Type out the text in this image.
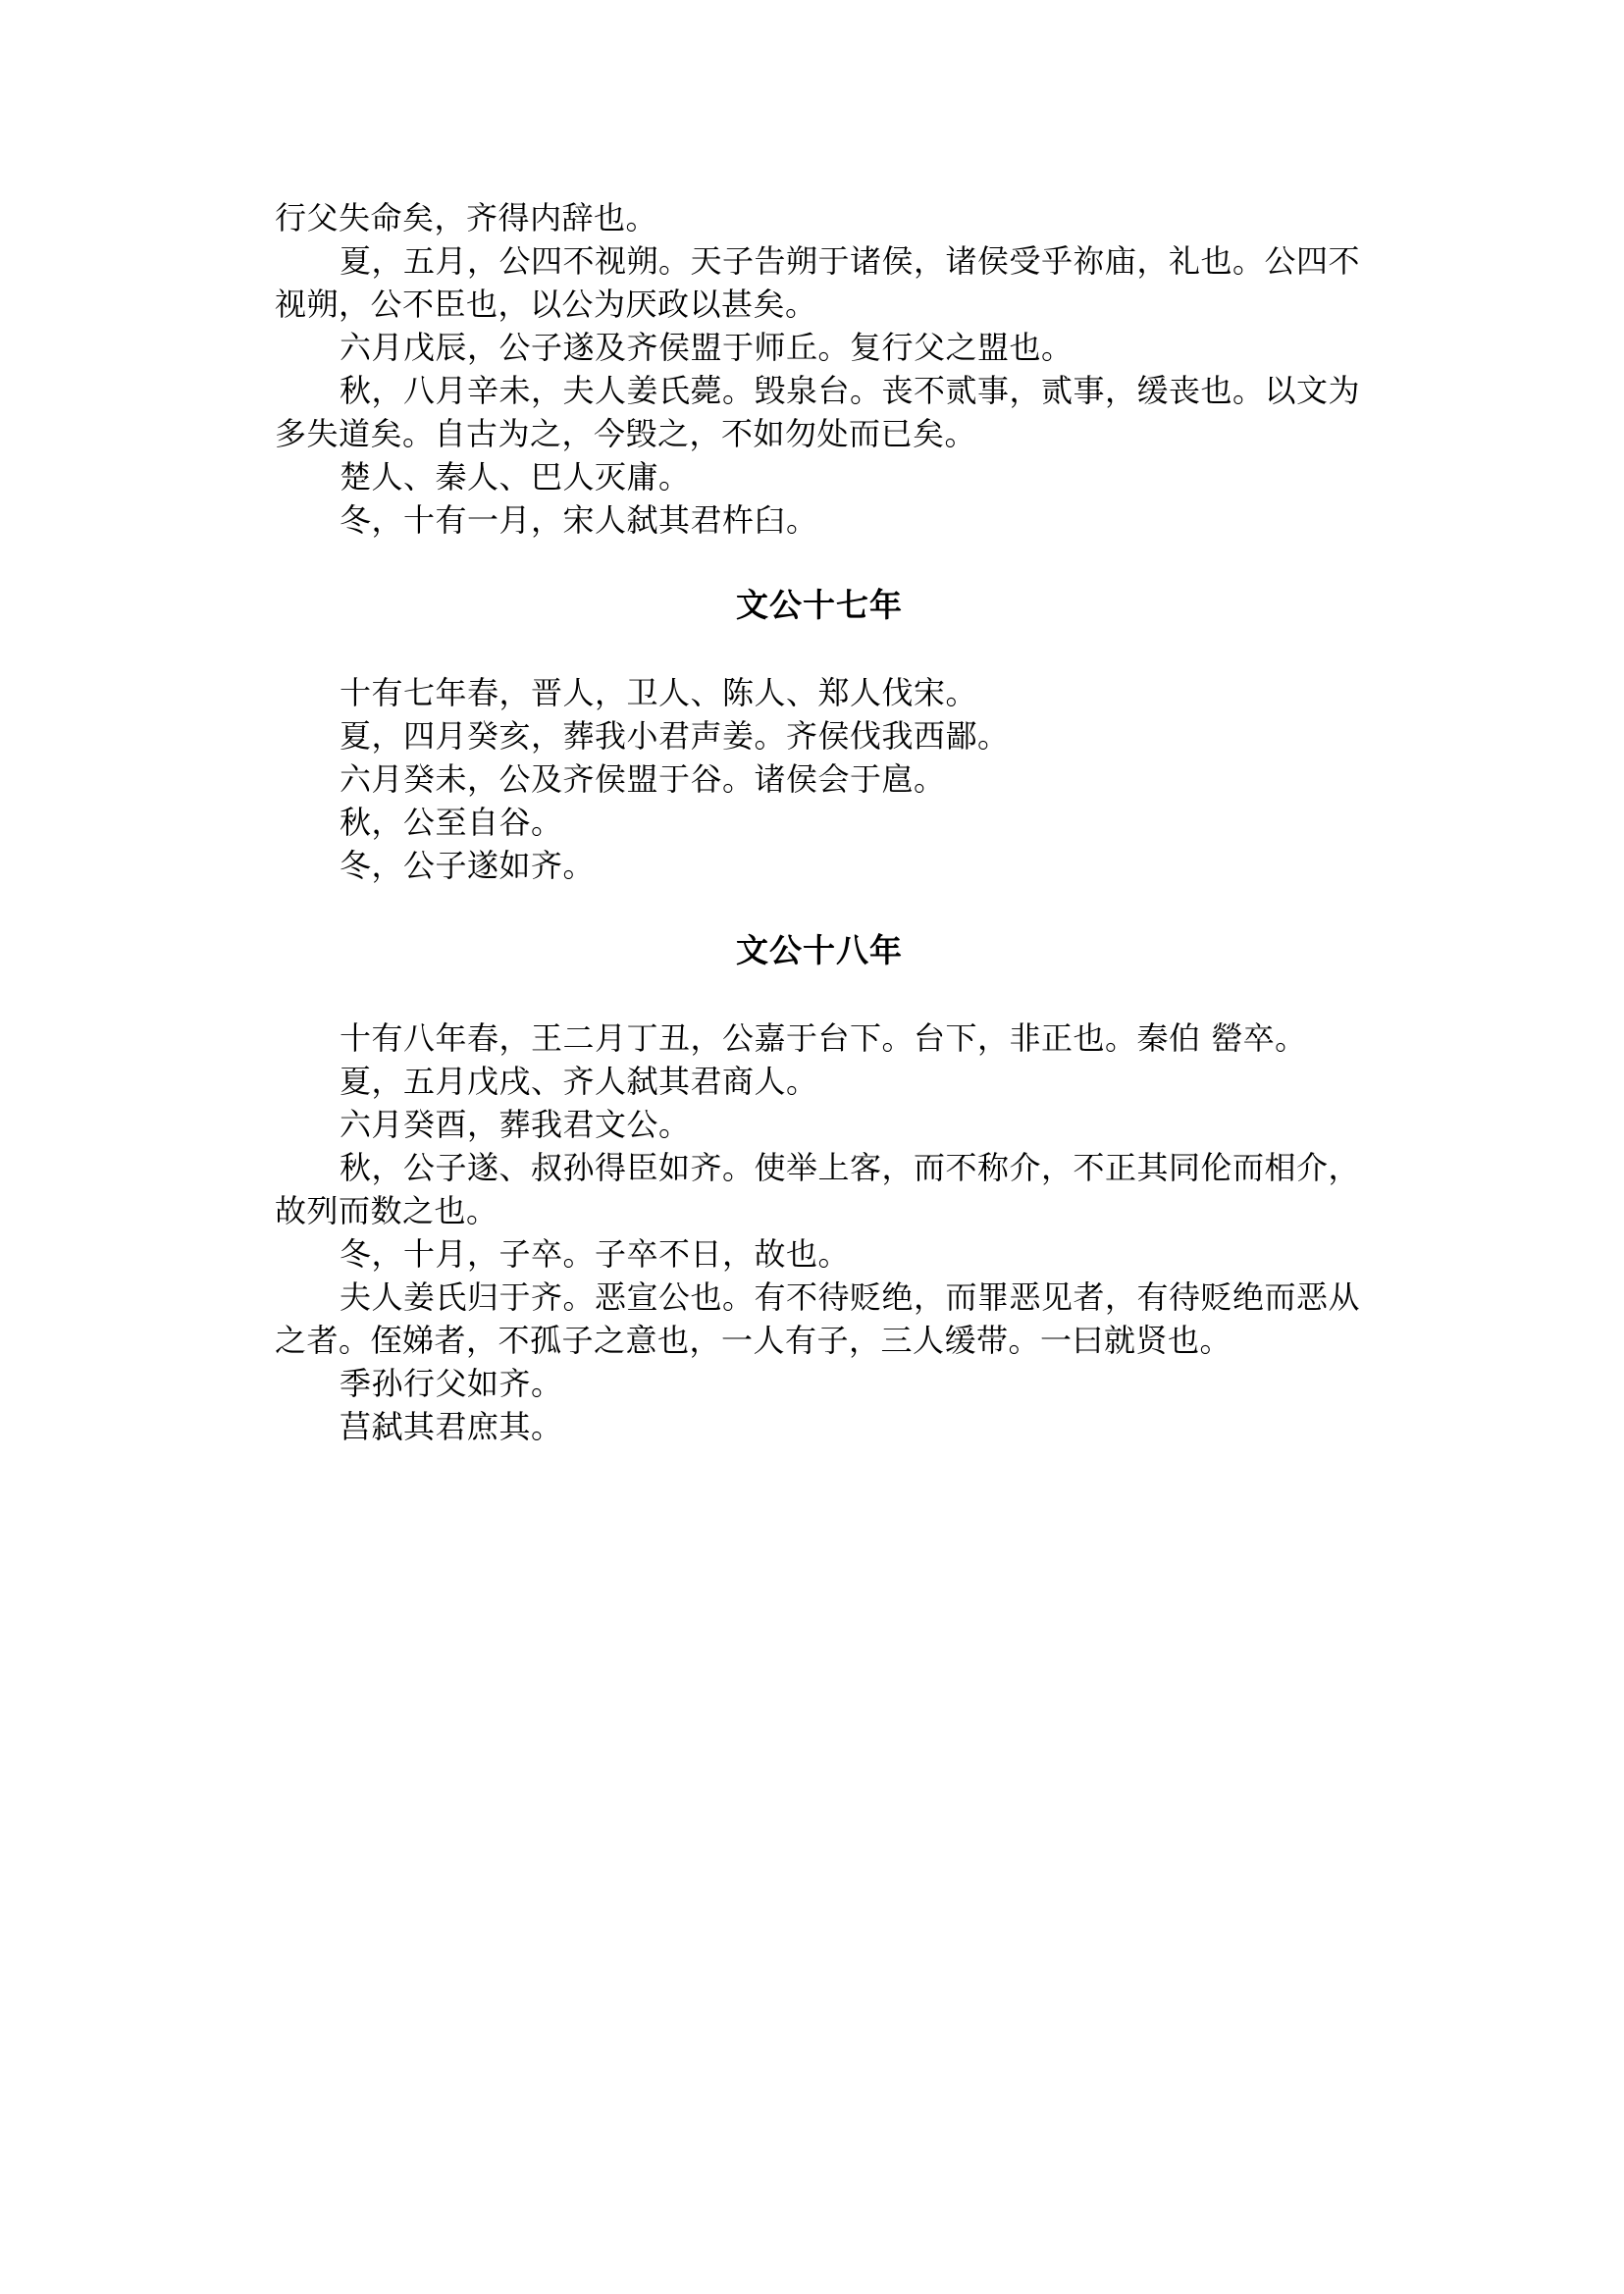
行父失命矣，齐得内辞也。

夏，五月，公四不视朔。天子告朔于诸侯，诸侯受乎祢庙，礼也。公四不视朔，公不臣也，以公为厌政以甚矣。

六月戊辰，公子遂及齐侯盟于师丘。复行父之盟也。

秋，八月辛未，夫人姜氏薨。毁泉台。丧不贰事，贰事，缓丧也。以文为多失道矣。自古为之，今毁之，不如勿处而已矣。

楚人、秦人、巴人灭庸。

冬，十有一月，宋人弑其君杵臼。

文公十七年

十有七年春，晋人，卫人、陈人、郑人伐宋。

夏，四月癸亥，葬我小君声姜。齐侯伐我西鄙。

六月癸未，公及齐侯盟于谷。诸侯会于扈。

秋，公至自谷。

冬，公子遂如齐。

文公十八年

十有八年春，王二月丁丑，公嘉于台下。台下，非正也。秦伯 罃卒。

夏，五月戊戌、齐人弑其君商人。

六月癸酉，葬我君文公。

秋，公子遂、叔孙得臣如齐。使举上客，而不称介，不正其同伦而相介，故列而数之也。

冬，十月，子卒。子卒不日，故也。

夫人姜氏归于齐。恶宣公也。有不待贬绝，而罪恶见者，有待贬绝而恶从之者。侄娣者，不孤子之意也，一人有子，三人缓带。一曰就贤也。

季孙行父如齐。

莒弑其君庶其。
